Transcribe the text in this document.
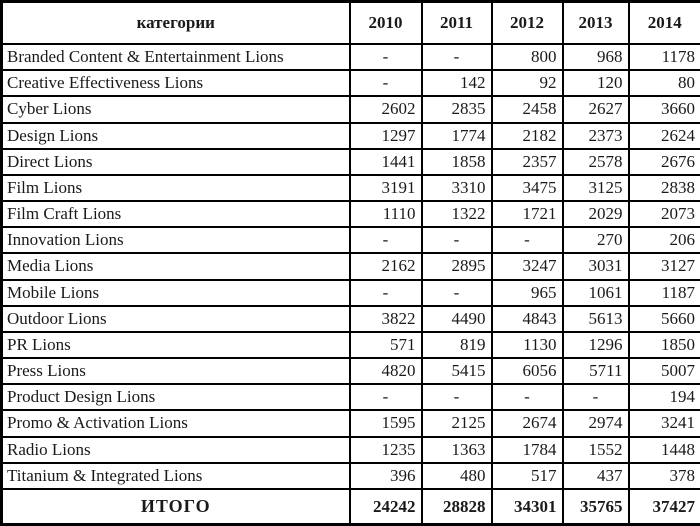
категории	2010	2011	2012	2013	2014
Branded Content & Entertainment Lions	-	-	800	968	1178
Creative Effectiveness Lions	-	142	92	120	80
Cyber Lions	2602	2835	2458	2627	3660
Design Lions	1297	1774	2182	2373	2624
Direct Lions	1441	1858	2357	2578	2676
Film Lions	3191	3310	3475	3125	2838
Film Craft Lions	1110	1322	1721	2029	2073
Innovation Lions	-	-	-	270	206
Media Lions	2162	2895	3247	3031	3127
Mobile Lions	-	-	965	1061	1187
Outdoor Lions	3822	4490	4843	5613	5660
PR Lions	571	819	1130	1296	1850
Press Lions	4820	5415	6056	5711	5007
Product Design Lions	-	-	-	-	194
Promo & Activation Lions	1595	2125	2674	2974	3241
Radio Lions	1235	1363	1784	1552	1448
Titanium & Integrated Lions	396	480	517	437	378
ИТОГО	24242	28828	34301	35765	37427
